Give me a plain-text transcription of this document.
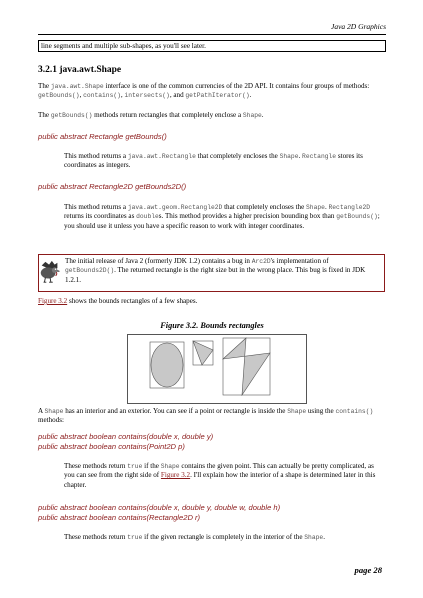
Java 2D Graphics
line segments and multiple sub-shapes, as you'll see later.
3.2.1 java.awt.Shape
The java.awt.Shape interface is one of the common currencies of the 2D API. It contains four groups of methods: getBounds(), contains(), intersects(), and getPathIterator().
The getBounds() methods return rectangles that completely enclose a Shape.
public abstract Rectangle getBounds()
This method returns a java.awt.Rectangle that completely encloses the Shape. Rectangle stores its coordinates as integers.
public abstract Rectangle2D getBounds2D()
This method returns a java.awt.geom.Rectangle2D that completely encloses the Shape. Rectangle2D returns its coordinates as doubles. This method provides a higher precision bounding box than getBounds(); you should use it unless you have a specific reason to work with integer coordinates.
The initial release of Java 2 (formerly JDK 1.2) contains a bug in Arc2D's implementation of getBounds2D(). The returned rectangle is the right size but in the wrong place. This bug is fixed in JDK 1.2.1.
Figure 3.2 shows the bounds rectangles of a few shapes.
Figure 3.2. Bounds rectangles
A Shape has an interior and an exterior. You can see if a point or rectangle is inside the Shape using the contains() methods:
public abstract boolean contains(double x, double y)
public abstract boolean contains(Point2D p)
These methods return true if the Shape contains the given point. This can actually be pretty complicated, as you can see from the right side of Figure 3.2. I'll explain how the interior of a shape is determined later in this chapter.
public abstract boolean contains(double x, double y, double w, double h)
public abstract boolean contains(Rectangle2D r)
These methods return true if the given rectangle is completely in the interior of the Shape.
page 28
